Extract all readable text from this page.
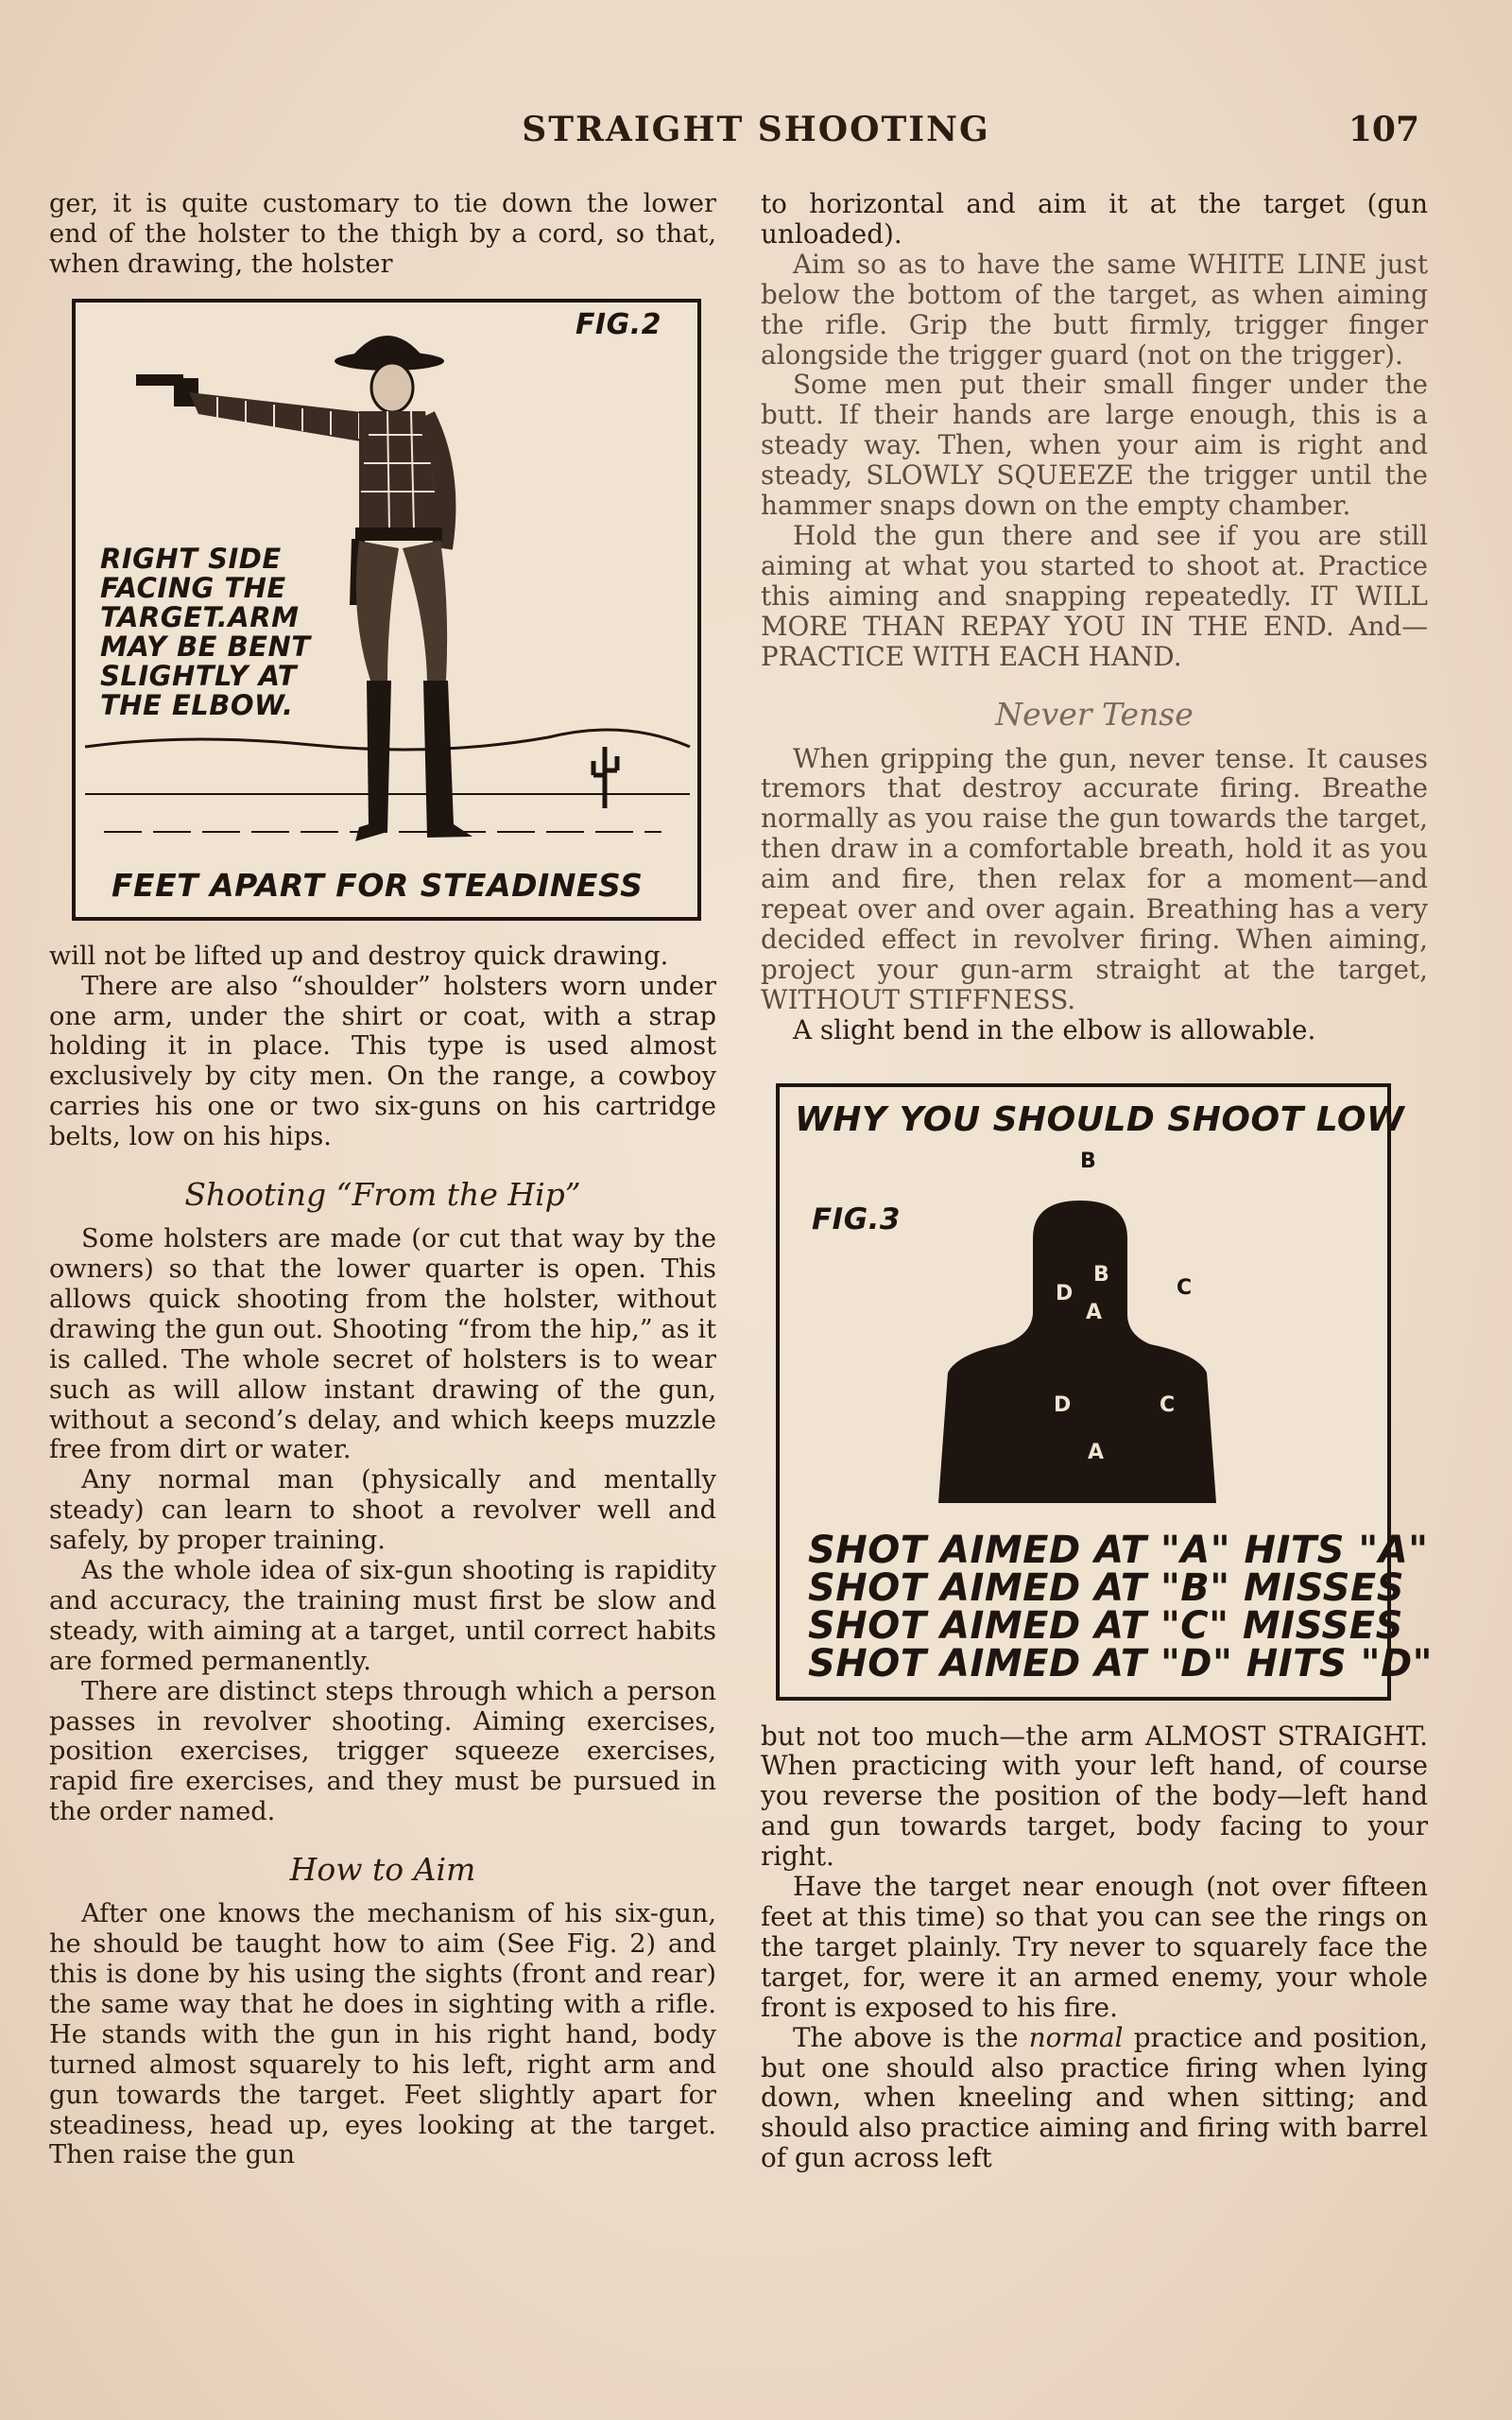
STRAIGHT SHOOTING	107

ger, it is quite customary to tie down the lower end of the holster to the thigh by a cord, so that, when drawing, the holster

FIG.2
RIGHT SIDE FACING THE TARGET.ARM MAY BE BENT SLIGHTLY AT THE ELBOW.
FEET APART FOR STEADINESS

will not be lifted up and destroy quick drawing.

There are also “shoulder” holsters worn under one arm, under the shirt or coat, with a strap holding it in place. This type is used almost exclusively by city men. On the range, a cowboy carries his one or two six-guns on his cartridge belts, low on his hips.

Shooting “From the Hip”

Some holsters are made (or cut that way by the owners) so that the lower quarter is open. This allows quick shooting from the holster, without drawing the gun out. Shooting “from the hip,” as it is called. The whole secret of holsters is to wear such as will allow instant drawing of the gun, without a second’s delay, and which keeps muzzle free from dirt or water.

Any normal man (physically and mentally steady) can learn to shoot a revolver well and safely, by proper training.

As the whole idea of six-gun shooting is rapidity and accuracy, the training must first be slow and steady, with aiming at a target, until correct habits are formed permanently.

There are distinct steps through which a person passes in revolver shooting. Aiming exercises, position exercises, trigger squeeze exercises, rapid fire exercises, and they must be pursued in the order named.

How to Aim

After one knows the mechanism of his six-gun, he should be taught how to aim (See Fig. 2) and this is done by his using the sights (front and rear) the same way that he does in sighting with a rifle. He stands with the gun in his right hand, body turned almost squarely to his left, right arm and gun towards the target. Feet slightly apart for steadiness, head up, eyes looking at the target. Then raise the gun

to horizontal and aim it at the target (gun unloaded).

Aim so as to have the same WHITE LINE just below the bottom of the target, as when aiming the rifle. Grip the butt firmly, trigger finger alongside the trigger guard (not on the trigger).

Some men put their small finger under the butt. If their hands are large enough, this is a steady way. Then, when your aim is right and steady, SLOWLY SQUEEZE the trigger until the hammer snaps down on the empty chamber.

Hold the gun there and see if you are still aiming at what you started to shoot at. Practice this aiming and snapping repeatedly. IT WILL MORE THAN REPAY YOU IN THE END. And—PRACTICE WITH EACH HAND.

Never Tense

When gripping the gun, never tense. It causes tremors that destroy accurate firing. Breathe normally as you raise the gun towards the target, then draw in a comfortable breath, hold it as you aim and fire, then relax for a moment—and repeat over and over again. Breathing has a very decided effect in revolver firing. When aiming, project your gun-arm straight at the target, WITHOUT STIFFNESS.

A slight bend in the elbow is allowable.

WHY YOU SHOULD SHOOT LOW
FIG.3
B
C
B
D
A
D	C
A
SHOT AIMED AT "A" HITS "A"
SHOT AIMED AT "B" MISSES
SHOT AIMED AT "C" MISSES
SHOT AIMED AT "D" HITS "D"

but not too much—the arm ALMOST STRAIGHT. When practicing with your left hand, of course you reverse the position of the body—left hand and gun towards target, body facing to your right.

Have the target near enough (not over fifteen feet at this time) so that you can see the rings on the target plainly. Try never to squarely face the target, for, were it an armed enemy, your whole front is exposed to his fire.

The above is the normal practice and position, but one should also practice firing when lying down, when kneeling and when sitting; and should also practice aiming and firing with barrel of gun across left
